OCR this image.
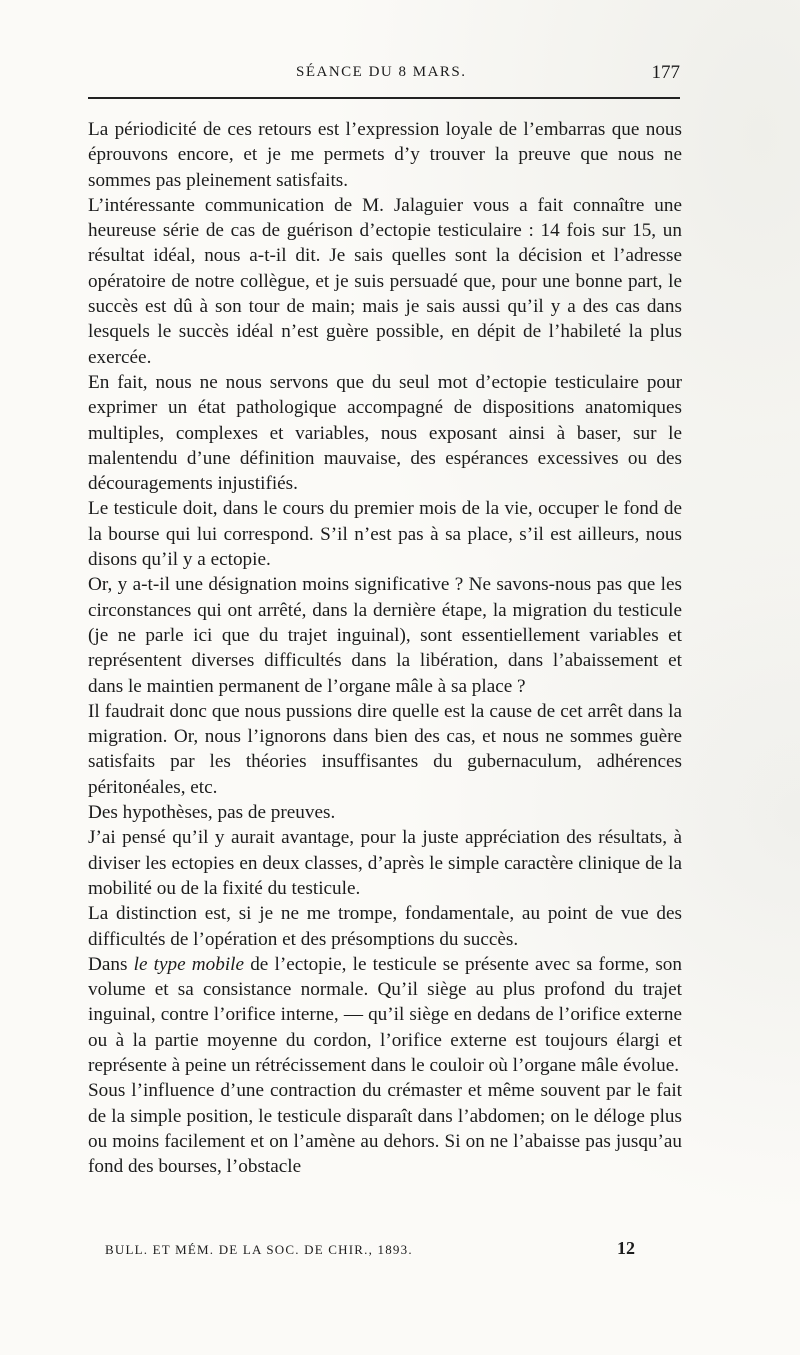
SÉANCE DU 8 MARS.	177

La périodicité de ces retours est l’expression loyale de l’embarras que nous éprouvons encore, et je me permets d’y trouver la preuve que nous ne sommes pas pleinement satisfaits.

L’intéressante communication de M. Jalaguier vous a fait connaître une heureuse série de cas de guérison d’ectopie testiculaire : 14 fois sur 15, un résultat idéal, nous a-t-il dit. Je sais quelles sont la décision et l’adresse opératoire de notre collègue, et je suis persuadé que, pour une bonne part, le succès est dû à son tour de main; mais je sais aussi qu’il y a des cas dans lesquels le succès idéal n’est guère possible, en dépit de l’habileté la plus exercée.

En fait, nous ne nous servons que du seul mot d’ectopie testiculaire pour exprimer un état pathologique accompagné de dispositions anatomiques multiples, complexes et variables, nous exposant ainsi à baser, sur le malentendu d’une définition mauvaise, des espérances excessives ou des découragements injustifiés.

Le testicule doit, dans le cours du premier mois de la vie, occuper le fond de la bourse qui lui correspond. S’il n’est pas à sa place, s’il est ailleurs, nous disons qu’il y a ectopie.

Or, y a-t-il une désignation moins significative ? Ne savons-nous pas que les circonstances qui ont arrêté, dans la dernière étape, la migration du testicule (je ne parle ici que du trajet inguinal), sont essentiellement variables et représentent diverses difficultés dans la libération, dans l’abaissement et dans le maintien permanent de l’organe mâle à sa place ?

Il faudrait donc que nous pussions dire quelle est la cause de cet arrêt dans la migration. Or, nous l’ignorons dans bien des cas, et nous ne sommes guère satisfaits par les théories insuffisantes du gubernaculum, adhérences péritonéales, etc.

Des hypothèses, pas de preuves.

J’ai pensé qu’il y aurait avantage, pour la juste appréciation des résultats, à diviser les ectopies en deux classes, d’après le simple caractère clinique de la mobilité ou de la fixité du testicule.

La distinction est, si je ne me trompe, fondamentale, au point de vue des difficultés de l’opération et des présomptions du succès.

Dans le type mobile de l’ectopie, le testicule se présente avec sa forme, son volume et sa consistance normale. Qu’il siège au plus profond du trajet inguinal, contre l’orifice interne, — qu’il siège en dedans de l’orifice externe ou à la partie moyenne du cordon, l’orifice externe est toujours élargi et représente à peine un rétrécissement dans le couloir où l’organe mâle évolue.

Sous l’influence d’une contraction du crémaster et même souvent par le fait de la simple position, le testicule disparaît dans l’abdomen; on le déloge plus ou moins facilement et on l’amène au dehors. Si on ne l’abaisse pas jusqu’au fond des bourses, l’obstacle

BULL. ET MÉM. DE LA SOC. DE CHIR., 1893.	12
